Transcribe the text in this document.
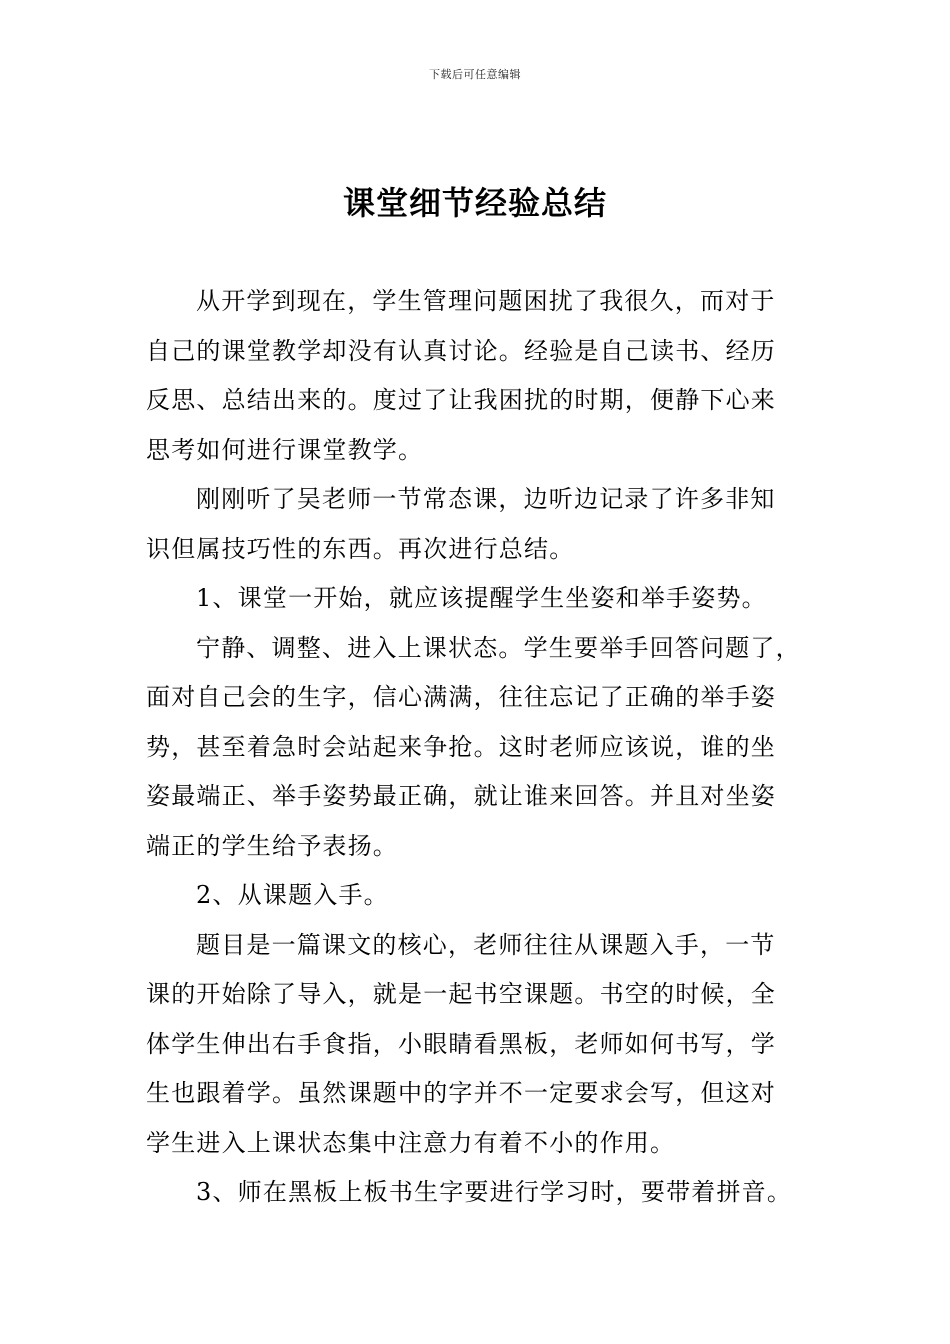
下载后可任意编辑
课堂细节经验总结
从开学到现在，学生管理问题困扰了我很久，而对于
自己的课堂教学却没有认真讨论。经验是自己读书、经历
反思、总结出来的。度过了让我困扰的时期，便静下心来
思考如何进行课堂教学。
刚刚听了吴老师一节常态课，边听边记录了许多非知
识但属技巧性的东西。再次进行总结。
1、课堂一开始，就应该提醒学生坐姿和举手姿势。
宁静、调整、进入上课状态。学生要举手回答问题了，
面对自己会的生字，信心满满，往往忘记了正确的举手姿
势，甚至着急时会站起来争抢。这时老师应该说，谁的坐
姿最端正、举手姿势最正确，就让谁来回答。并且对坐姿
端正的学生给予表扬。
2、从课题入手。
题目是一篇课文的核心，老师往往从课题入手，一节
课的开始除了导入，就是一起书空课题。书空的时候，全
体学生伸出右手食指，小眼睛看黑板，老师如何书写，学
生也跟着学。虽然课题中的字并不一定要求会写，但这对
学生进入上课状态集中注意力有着不小的作用。
3、师在黑板上板书生字要进行学习时，要带着拼音。
